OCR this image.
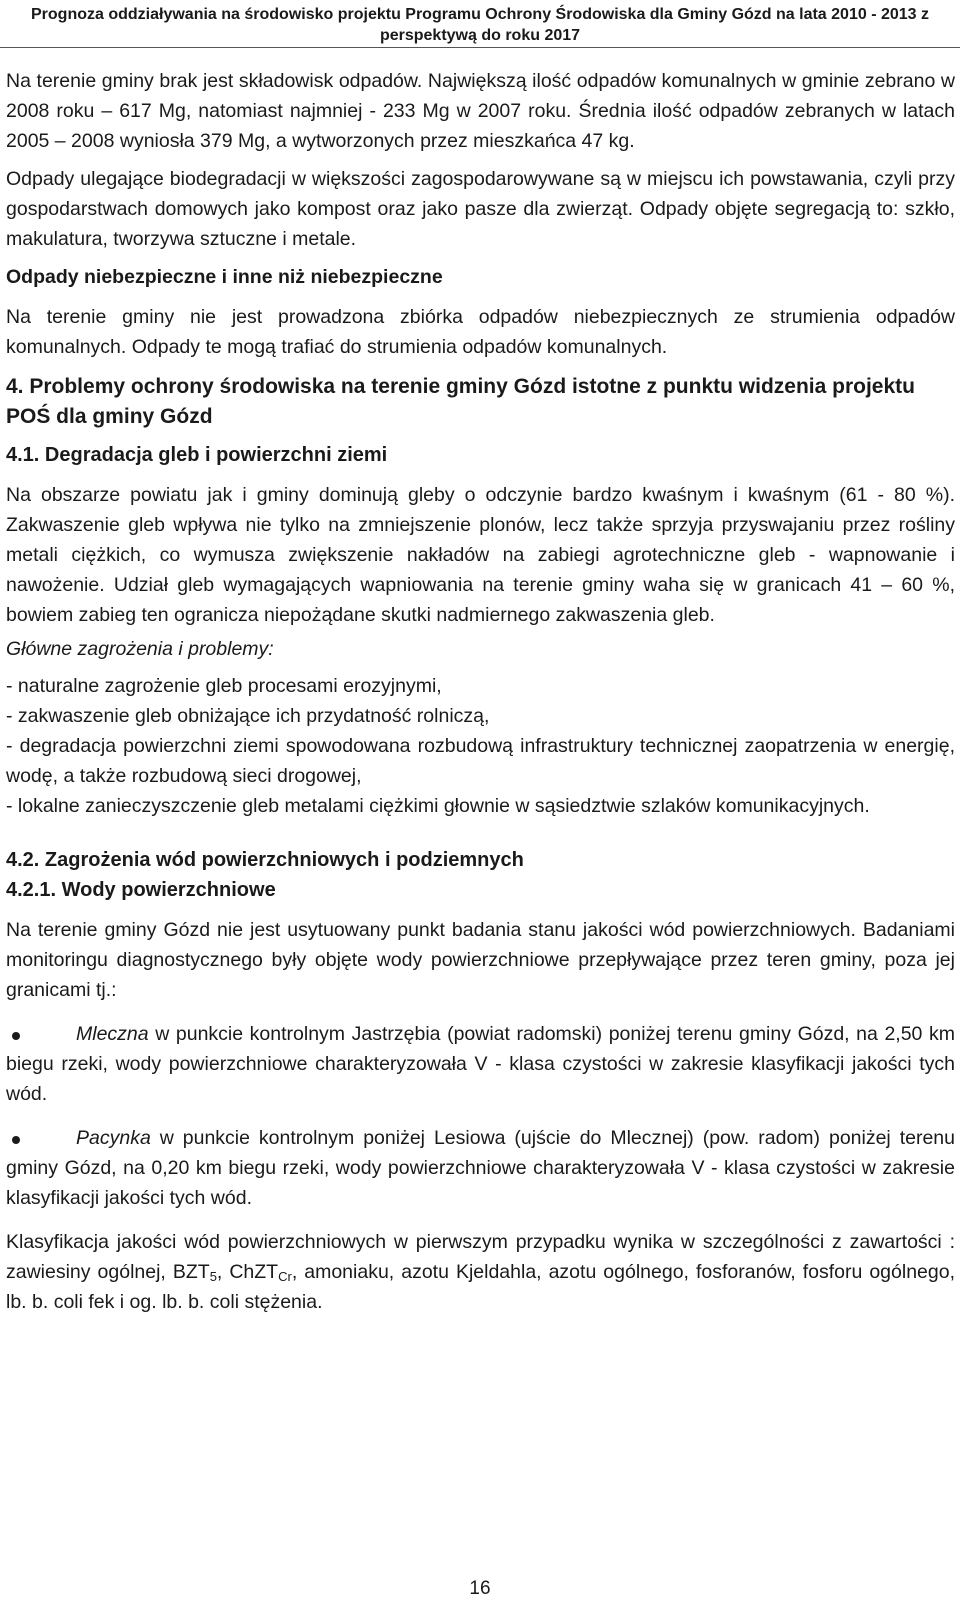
Prognoza oddziaływania na środowisko projektu Programu Ochrony Środowiska dla Gminy Gózd na lata 2010 - 2013 z
perspektywą do roku 2017

Na terenie gminy brak jest składowisk odpadów. Największą ilość odpadów komunalnych w gminie zebrano w 2008 roku – 617 Mg, natomiast najmniej - 233 Mg w 2007 roku. Średnia ilość odpadów zebranych w latach 2005 – 2008 wyniosła 379 Mg, a wytworzonych przez mieszkańca 47 kg.

Odpady ulegające biodegradacji w większości zagospodarowywane są w miejscu ich powstawania, czyli przy gospodarstwach domowych jako kompost oraz jako pasze dla zwierząt. Odpady objęte segregacją to: szkło, makulatura, tworzywa sztuczne i metale.

Odpady niebezpieczne i inne niż niebezpieczne

Na terenie gminy nie jest prowadzona zbiórka odpadów niebezpiecznych ze strumienia odpadów komunalnych. Odpady te mogą trafiać do strumienia odpadów komunalnych.

4. Problemy ochrony środowiska na terenie gminy Gózd istotne z punktu widzenia projektu POŚ dla gminy Gózd
4.1. Degradacja gleb i powierzchni ziemi

Na obszarze powiatu jak i gminy dominują gleby o odczynie bardzo kwaśnym i kwaśnym (61 - 80 %). Zakwaszenie gleb wpływa nie tylko na zmniejszenie plonów, lecz także sprzyja przyswajaniu przez rośliny metali ciężkich, co wymusza zwiększenie nakładów na zabiegi agrotechniczne gleb - wapnowanie i nawożenie. Udział gleb wymagających wapniowania na terenie gminy waha się w granicach 41 – 60 %, bowiem zabieg ten ogranicza niepożądane skutki nadmiernego zakwaszenia gleb.

Główne zagrożenia i problemy:

- naturalne zagrożenie gleb procesami erozyjnymi,

- zakwaszenie gleb obniżające ich przydatność rolniczą,

- degradacja powierzchni ziemi spowodowana rozbudową infrastruktury technicznej zaopatrzenia w energię, wodę, a także rozbudową sieci drogowej,

- lokalne zanieczyszczenie gleb metalami ciężkimi głownie w sąsiedztwie szlaków komunikacyjnych.

4.2. Zagrożenia wód powierzchniowych i podziemnych
4.2.1. Wody powierzchniowe

Na terenie gminy Gózd nie jest usytuowany punkt badania stanu jakości wód powierzchniowych. Badaniami monitoringu diagnostycznego były objęte wody powierzchniowe przepływające przez teren gminy, poza jej granicami tj.:

Mleczna w punkcie kontrolnym Jastrzębia (powiat radomski) poniżej terenu gminy Gózd, na 2,50 km biegu rzeki, wody powierzchniowe charakteryzowała V - klasa czystości w zakresie klasyfikacji jakości tych wód.

Pacynka w punkcie kontrolnym poniżej Lesiowa (ujście do Mlecznej) (pow. radom) poniżej terenu gminy Gózd, na 0,20 km biegu rzeki, wody powierzchniowe charakteryzowała V - klasa czystości w zakresie klasyfikacji jakości tych wód.

Klasyfikacja jakości wód powierzchniowych w pierwszym przypadku wynika w szczególności z zawartości : zawiesiny ogólnej, $BZT_5$, ChZT$_{Cr}$, amoniaku, azotu Kjeldahla, azotu ogólnego, fosforanów, fosforu ogólnego, lb. b. coli fek i og. lb. b. coli stężenia.

16
